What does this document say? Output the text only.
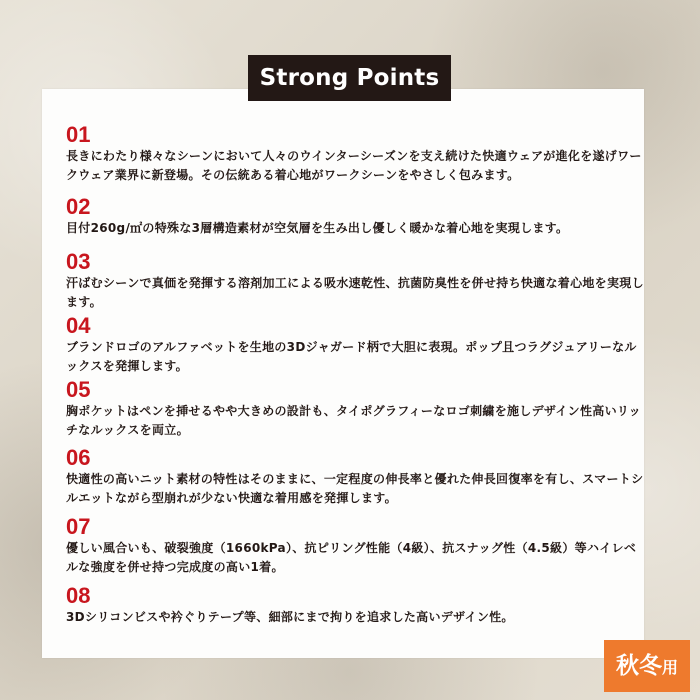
Strong Points
01
長きにわたり様々なシーンにおいて人々のウインターシーズンを支え続けた快適ウェアが進化を遂げワークウェア業界に新登場。その伝統ある着心地がワークシーンをやさしく包みます。
02
目付260g/㎡の特殊な3層構造素材が空気層を生み出し優しく暖かな着心地を実現します。
03
汗ばむシーンで真価を発揮する溶剤加工による吸水速乾性、抗菌防臭性を併せ持ち快適な着心地を実現します。
04
ブランドロゴのアルファベットを生地の3Dジャガード柄で大胆に表現。ポップ且つラグジュアリーなルックスを発揮します。
05
胸ポケットはペンを挿せるやや大きめの設計も、タイポグラフィーなロゴ刺繍を施しデザイン性高いリッチなルックスを両立。
06
快適性の高いニット素材の特性はそのままに、一定程度の伸長率と優れた伸長回復率を有し、スマートシルエットながら型崩れが少ない快適な着用感を発揮します。
07
優しい風合いも、破裂強度（1660kPa）、抗ピリング性能（4級）、抗スナッグ性（4.5級）等ハイレベルな強度を併せ持つ完成度の高い1着。
08
3Dシリコンビスや衿ぐりテープ等、細部にまで拘りを追求した高いデザイン性。
秋冬用
